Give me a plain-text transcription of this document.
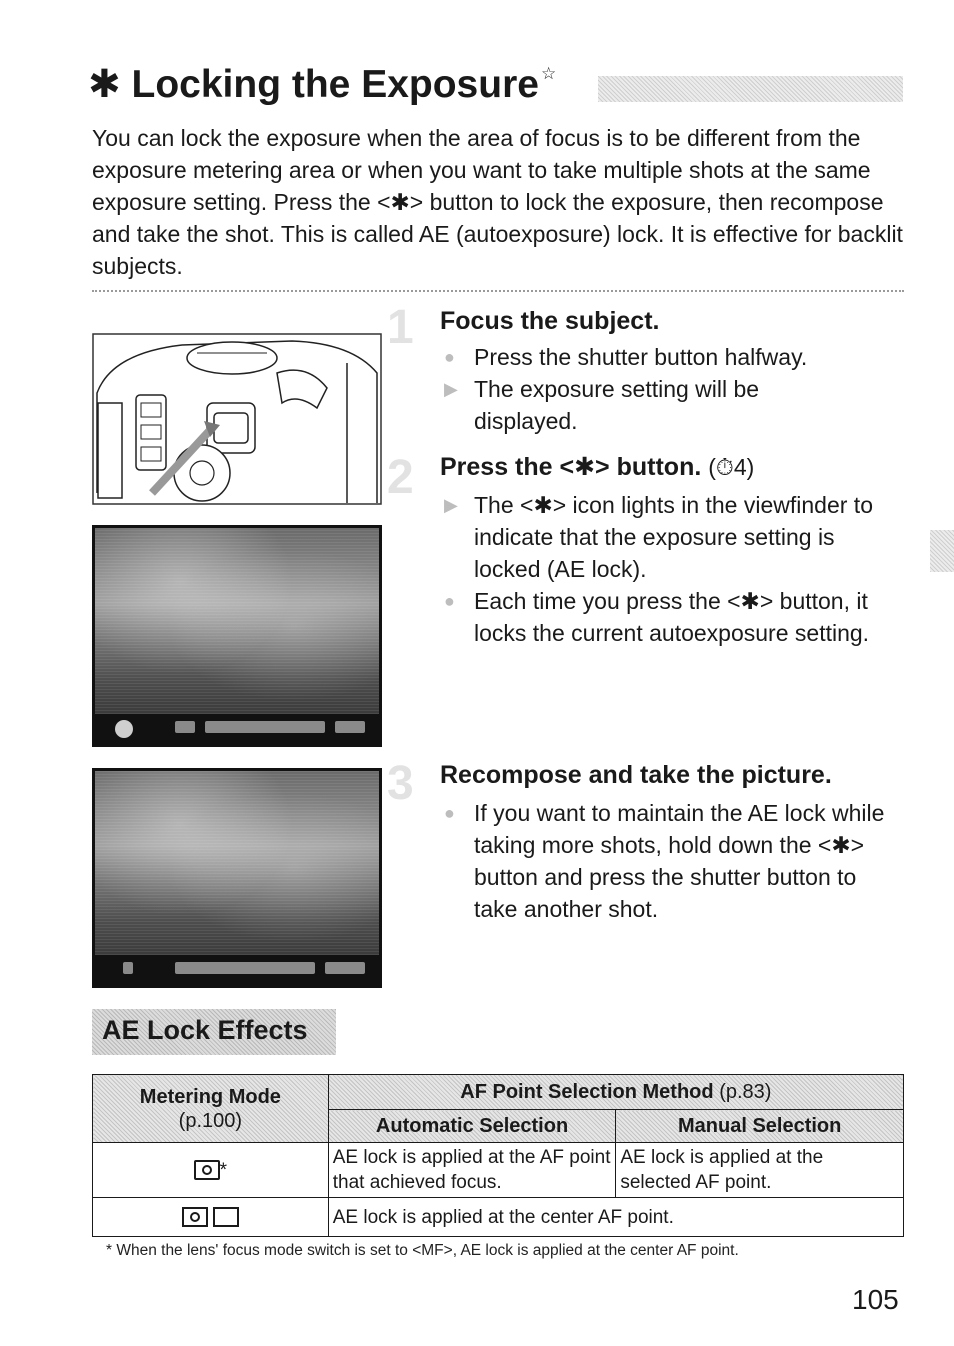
✱ Locking the Exposure ☆
You can lock the exposure when the area of focus is to be different from the exposure metering area or when you want to take multiple shots at the same exposure setting. Press the <✱> button to lock the exposure, then recompose and take the shot. This is called AE (autoexposure) lock. It is effective for backlit subjects.
1
2
3
Focus the subject.
● Press the shutter button halfway.
▶ The exposure setting will be displayed.
Press the <✱> button. (⏱4)
▶ The <✱> icon lights in the viewfinder to indicate that the exposure setting is locked (AE lock).
● Each time you press the <✱> button, it locks the current autoexposure setting.
Recompose and take the picture.
● If you want to maintain the AE lock while taking more shots, hold down the <✱> button and press the shutter button to take another shot.
AE Lock Effects
Metering Mode
(p.100)	AF Point Selection Method (p.83)	
	Automatic Selection	Manual Selection

*	AE lock is applied at the AF point that achieved focus.	AE lock is applied at the selected AF point.

	AE lock is applied at the center AF point.	
* When the lens' focus mode switch is set to <MF>, AE lock is applied at the center AF point.
105
